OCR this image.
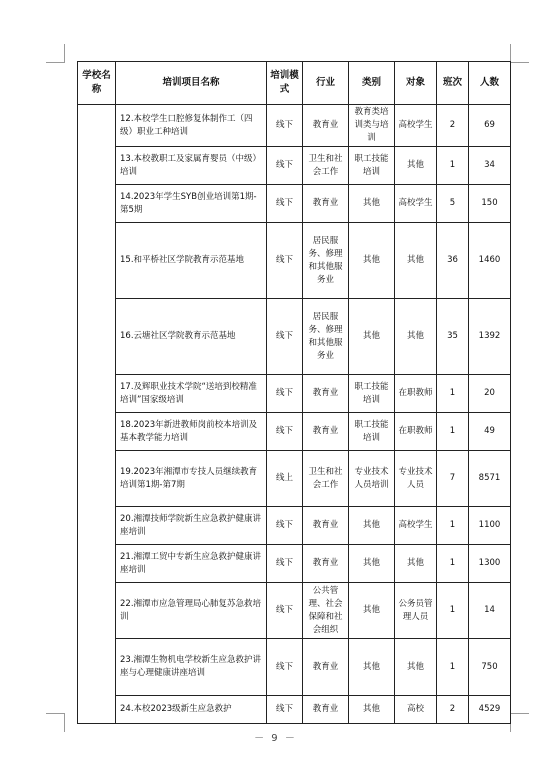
学校名称	培训项目名称	培训模式	行业	类别	对象	班次	人数
	12.本校学生口腔修复体制作工（四级）职业工种培训	线下	教育业	教育类培训类与培训	高校学生	2	69
	13.本校教职工及家属育婴员（中级）培训	线下	卫生和社会工作	职工技能培训	其他	1	34
	14.2023年学生SYB创业培训第1期-第5期	线下	教育业	其他	高校学生	5	150
	15.和平桥社区学院教育示范基地	线下	居民服务、修理和其他服务业	其他	其他	36	1460
	16.云塘社区学院教育示范基地	线下	居民服务、修理和其他服务业	其他	其他	35	1392
	17.及辉职业技术学院“送培到校精准培训”国家级培训	线下	教育业	职工技能培训	在职教师	1	20
	18.2023年新进教师岗前校本培训及基本教学能力培训	线下	教育业	职工技能培训	在职教师	1	49
	19.2023年湘潭市专技人员继续教育培训第1期-第7期	线上	卫生和社会工作	专业技术人员培训	专业技术人员	7	8571
	20.湘潭技师学院新生应急救护健康讲座培训	线下	教育业	其他	高校学生	1	1100
	21.湘潭工贸中专新生应急救护健康讲座培训	线下	教育业	其他	其他	1	1300
	22.湘潭市应急管理局心肺复苏急救培训	线下	公共管理、社会保障和社会组织	其他	公务员管理人员	1	14
	23.湘潭生物机电学校新生应急救护讲座与心理健康讲座培训	线下	教育业	其他	其他	1	750
	24.本校2023级新生应急救护	线下	教育业	其他	高校	2	4529
－ 9 －
